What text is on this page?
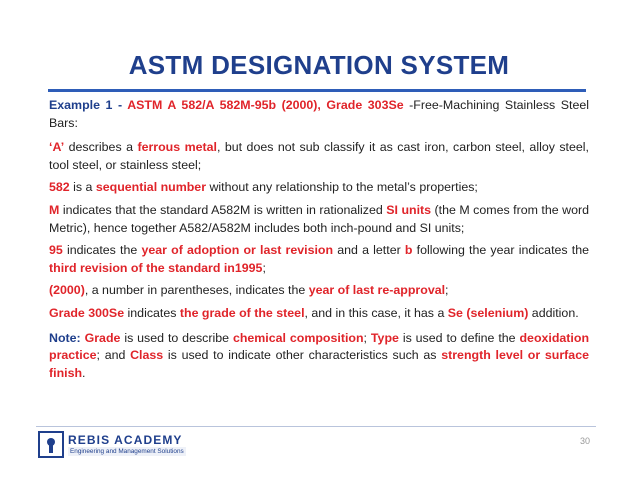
ASTM DESIGNATION SYSTEM

Example 1 - ASTM A 582/A 582M-95b (2000), Grade 303Se -Free-Machining Stainless Steel Bars:

‘A’ describes a ferrous metal, but does not sub classify it as cast iron, carbon steel, alloy steel, tool steel, or stainless steel;

582 is a sequential number without any relationship to the metal’s properties;

M indicates that the standard A582M is written in rationalized SI units (the M comes from the word Metric), hence together A582/A582M includes both inch-pound and SI units;

95 indicates the year of adoption or last revision and a letter b following the year indicates the third revision of the standard in1995;

(2000), a number in parentheses, indicates the year of last re-approval;

Grade 300Se indicates the grade of the steel, and in this case, it has a Se (selenium) addition.

Note: Grade is used to describe chemical composition; Type is used to define the deoxidation practice; and Class is used to indicate other characteristics such as strength level or surface finish.

REBIS ACADEMY
Engineering and Management Solutions
30
